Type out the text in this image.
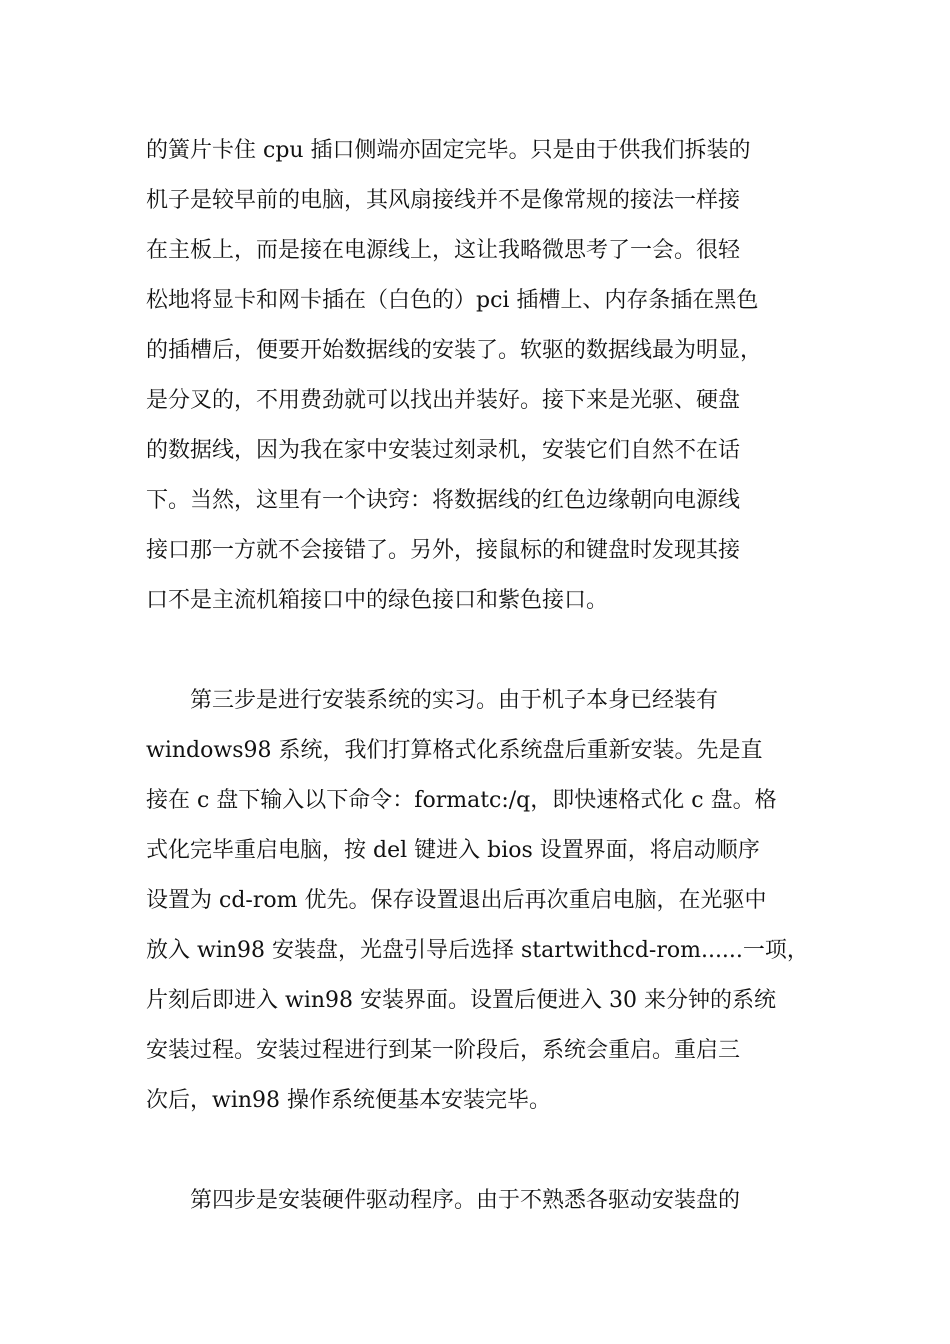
的簧片卡住 cpu 插口侧端亦固定完毕。只是由于供我们拆装的
机子是较早前的电脑，其风扇接线并不是像常规的接法一样接
在主板上，而是接在电源线上，这让我略微思考了一会。很轻
松地将显卡和网卡插在（白色的）pci 插槽上、内存条插在黑色
的插槽后，便要开始数据线的安装了。软驱的数据线最为明显，
是分叉的，不用费劲就可以找出并装好。接下来是光驱、硬盘
的数据线，因为我在家中安装过刻录机，安装它们自然不在话
下。当然，这里有一个诀窍：将数据线的红色边缘朝向电源线
接口那一方就不会接错了。另外，接鼠标的和键盘时发现其接
口不是主流机箱接口中的绿色接口和紫色接口。
　　第三步是进行安装系统的实习。由于机子本身已经装有
windows98 系统，我们打算格式化系统盘后重新安装。先是直
接在 c 盘下输入以下命令：formatc:/q，即快速格式化 c 盘。格
式化完毕重启电脑，按 del 键进入 bios 设置界面，将启动顺序
设置为 cd-rom 优先。保存设置退出后再次重启电脑，在光驱中
放入 win98 安装盘，光盘引导后选择 startwithcd-rom......一项，
片刻后即进入 win98 安装界面。设置后便进入 30 来分钟的系统
安装过程。安装过程进行到某一阶段后，系统会重启。重启三
次后，win98 操作系统便基本安装完毕。
　　第四步是安装硬件驱动程序。由于不熟悉各驱动安装盘的
